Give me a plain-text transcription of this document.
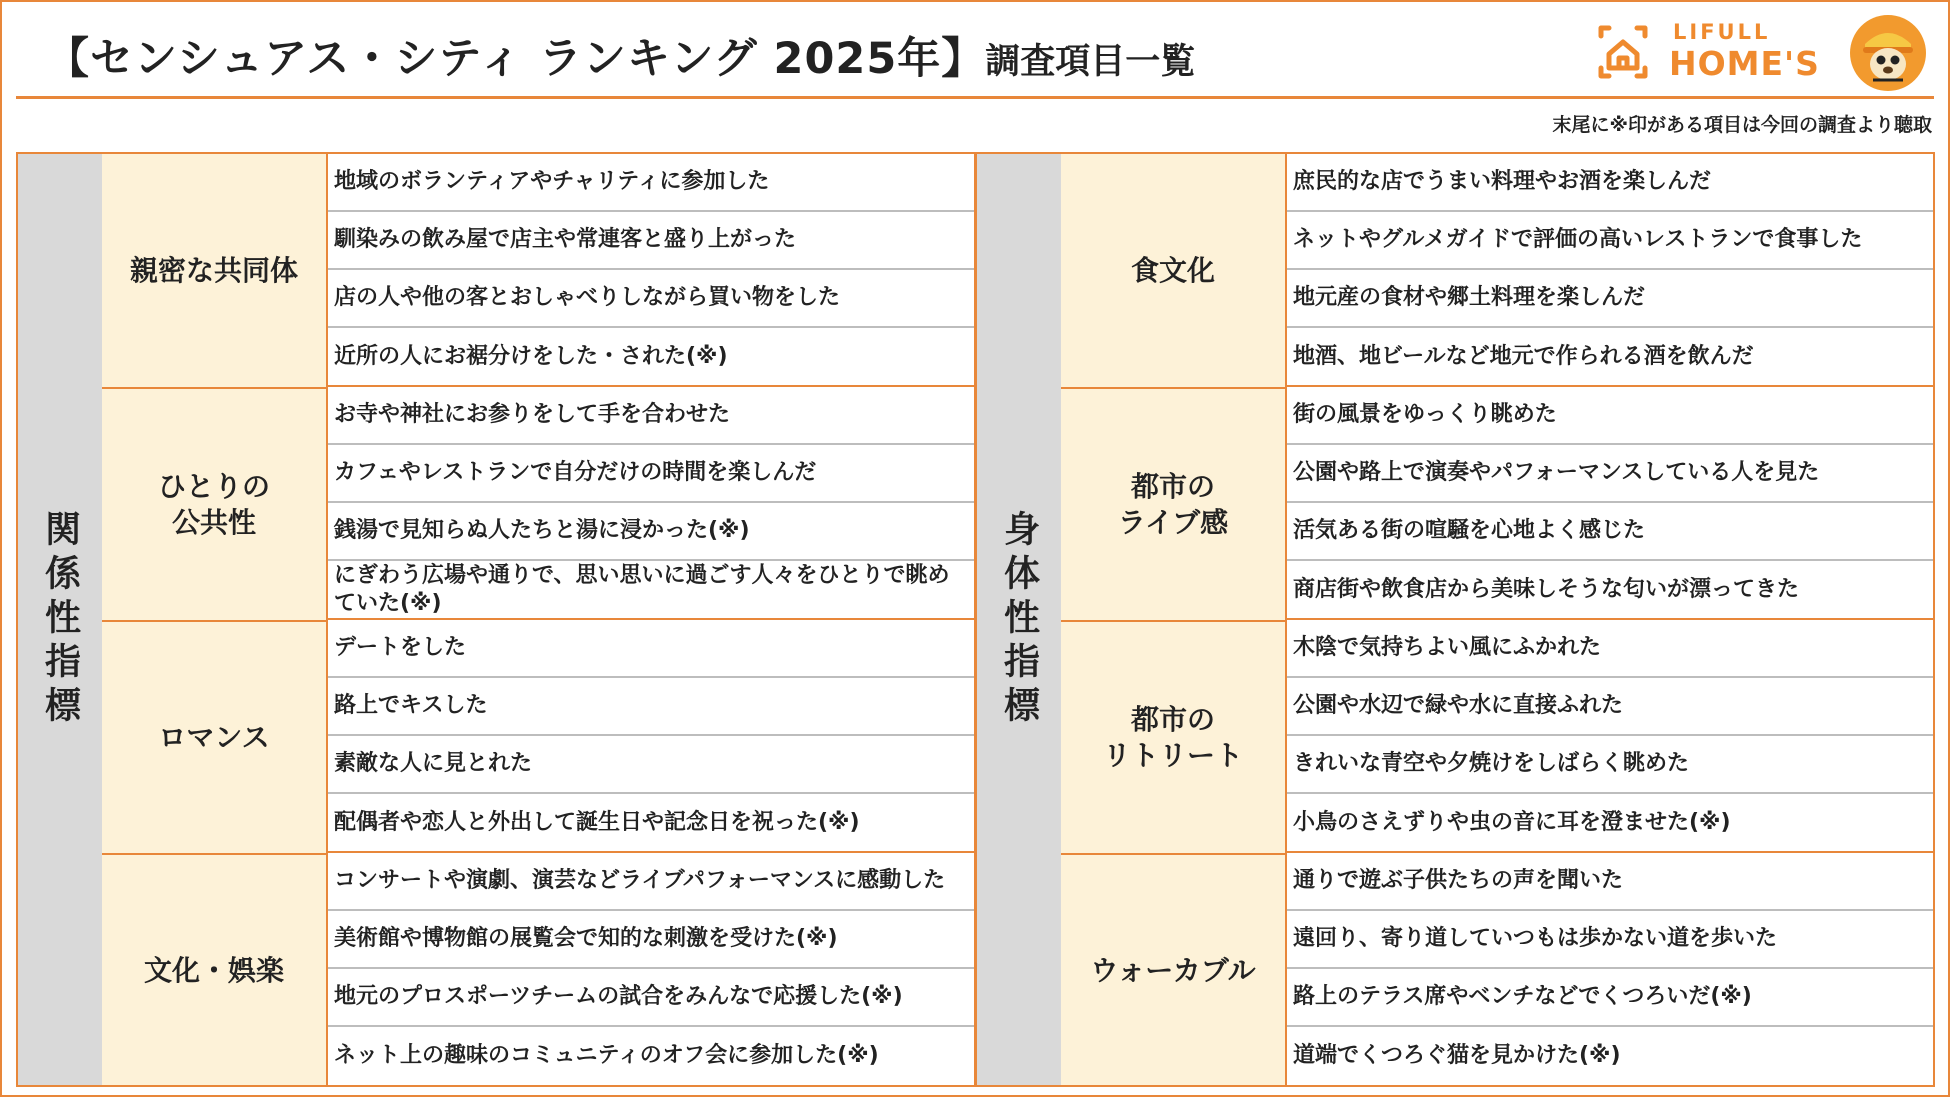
【センシュアス・シティ ランキング 2025年】調査項目一覧
LIFULL
HOME'S
末尾に※印がある項目は今回の調査より聴取
関係性指標
親密な共同体
ひとりの
公共性
ロマンス
文化・娯楽
地域のボランティアやチャリティに参加した
馴染みの飲み屋で店主や常連客と盛り上がった
店の人や他の客とおしゃべりしながら買い物をした
近所の人にお裾分けをした・された(※)
お寺や神社にお参りをして手を合わせた
カフェやレストランで自分だけの時間を楽しんだ
銭湯で見知らぬ人たちと湯に浸かった(※)
にぎわう広場や通りで、思い思いに過ごす人々をひとりで眺めていた(※)
デートをした
路上でキスした
素敵な人に見とれた
配偶者や恋人と外出して誕生日や記念日を祝った(※)
コンサートや演劇、演芸などライブパフォーマンスに感動した
美術館や博物館の展覧会で知的な刺激を受けた(※)
地元のプロスポーツチームの試合をみんなで応援した(※)
ネット上の趣味のコミュニティのオフ会に参加した(※)
身体性指標
食文化
都市の
ライブ感
都市の
リトリート
ウォーカブル
庶民的な店でうまい料理やお酒を楽しんだ
ネットやグルメガイドで評価の高いレストランで食事した
地元産の食材や郷土料理を楽しんだ
地酒、地ビールなど地元で作られる酒を飲んだ
街の風景をゆっくり眺めた
公園や路上で演奏やパフォーマンスしている人を見た
活気ある街の喧騒を心地よく感じた
商店街や飲食店から美味しそうな匂いが漂ってきた
木陰で気持ちよい風にふかれた
公園や水辺で緑や水に直接ふれた
きれいな青空や夕焼けをしばらく眺めた
小鳥のさえずりや虫の音に耳を澄ませた(※)
通りで遊ぶ子供たちの声を聞いた
遠回り、寄り道していつもは歩かない道を歩いた
路上のテラス席やベンチなどでくつろいだ(※)
道端でくつろぐ猫を見かけた(※)
